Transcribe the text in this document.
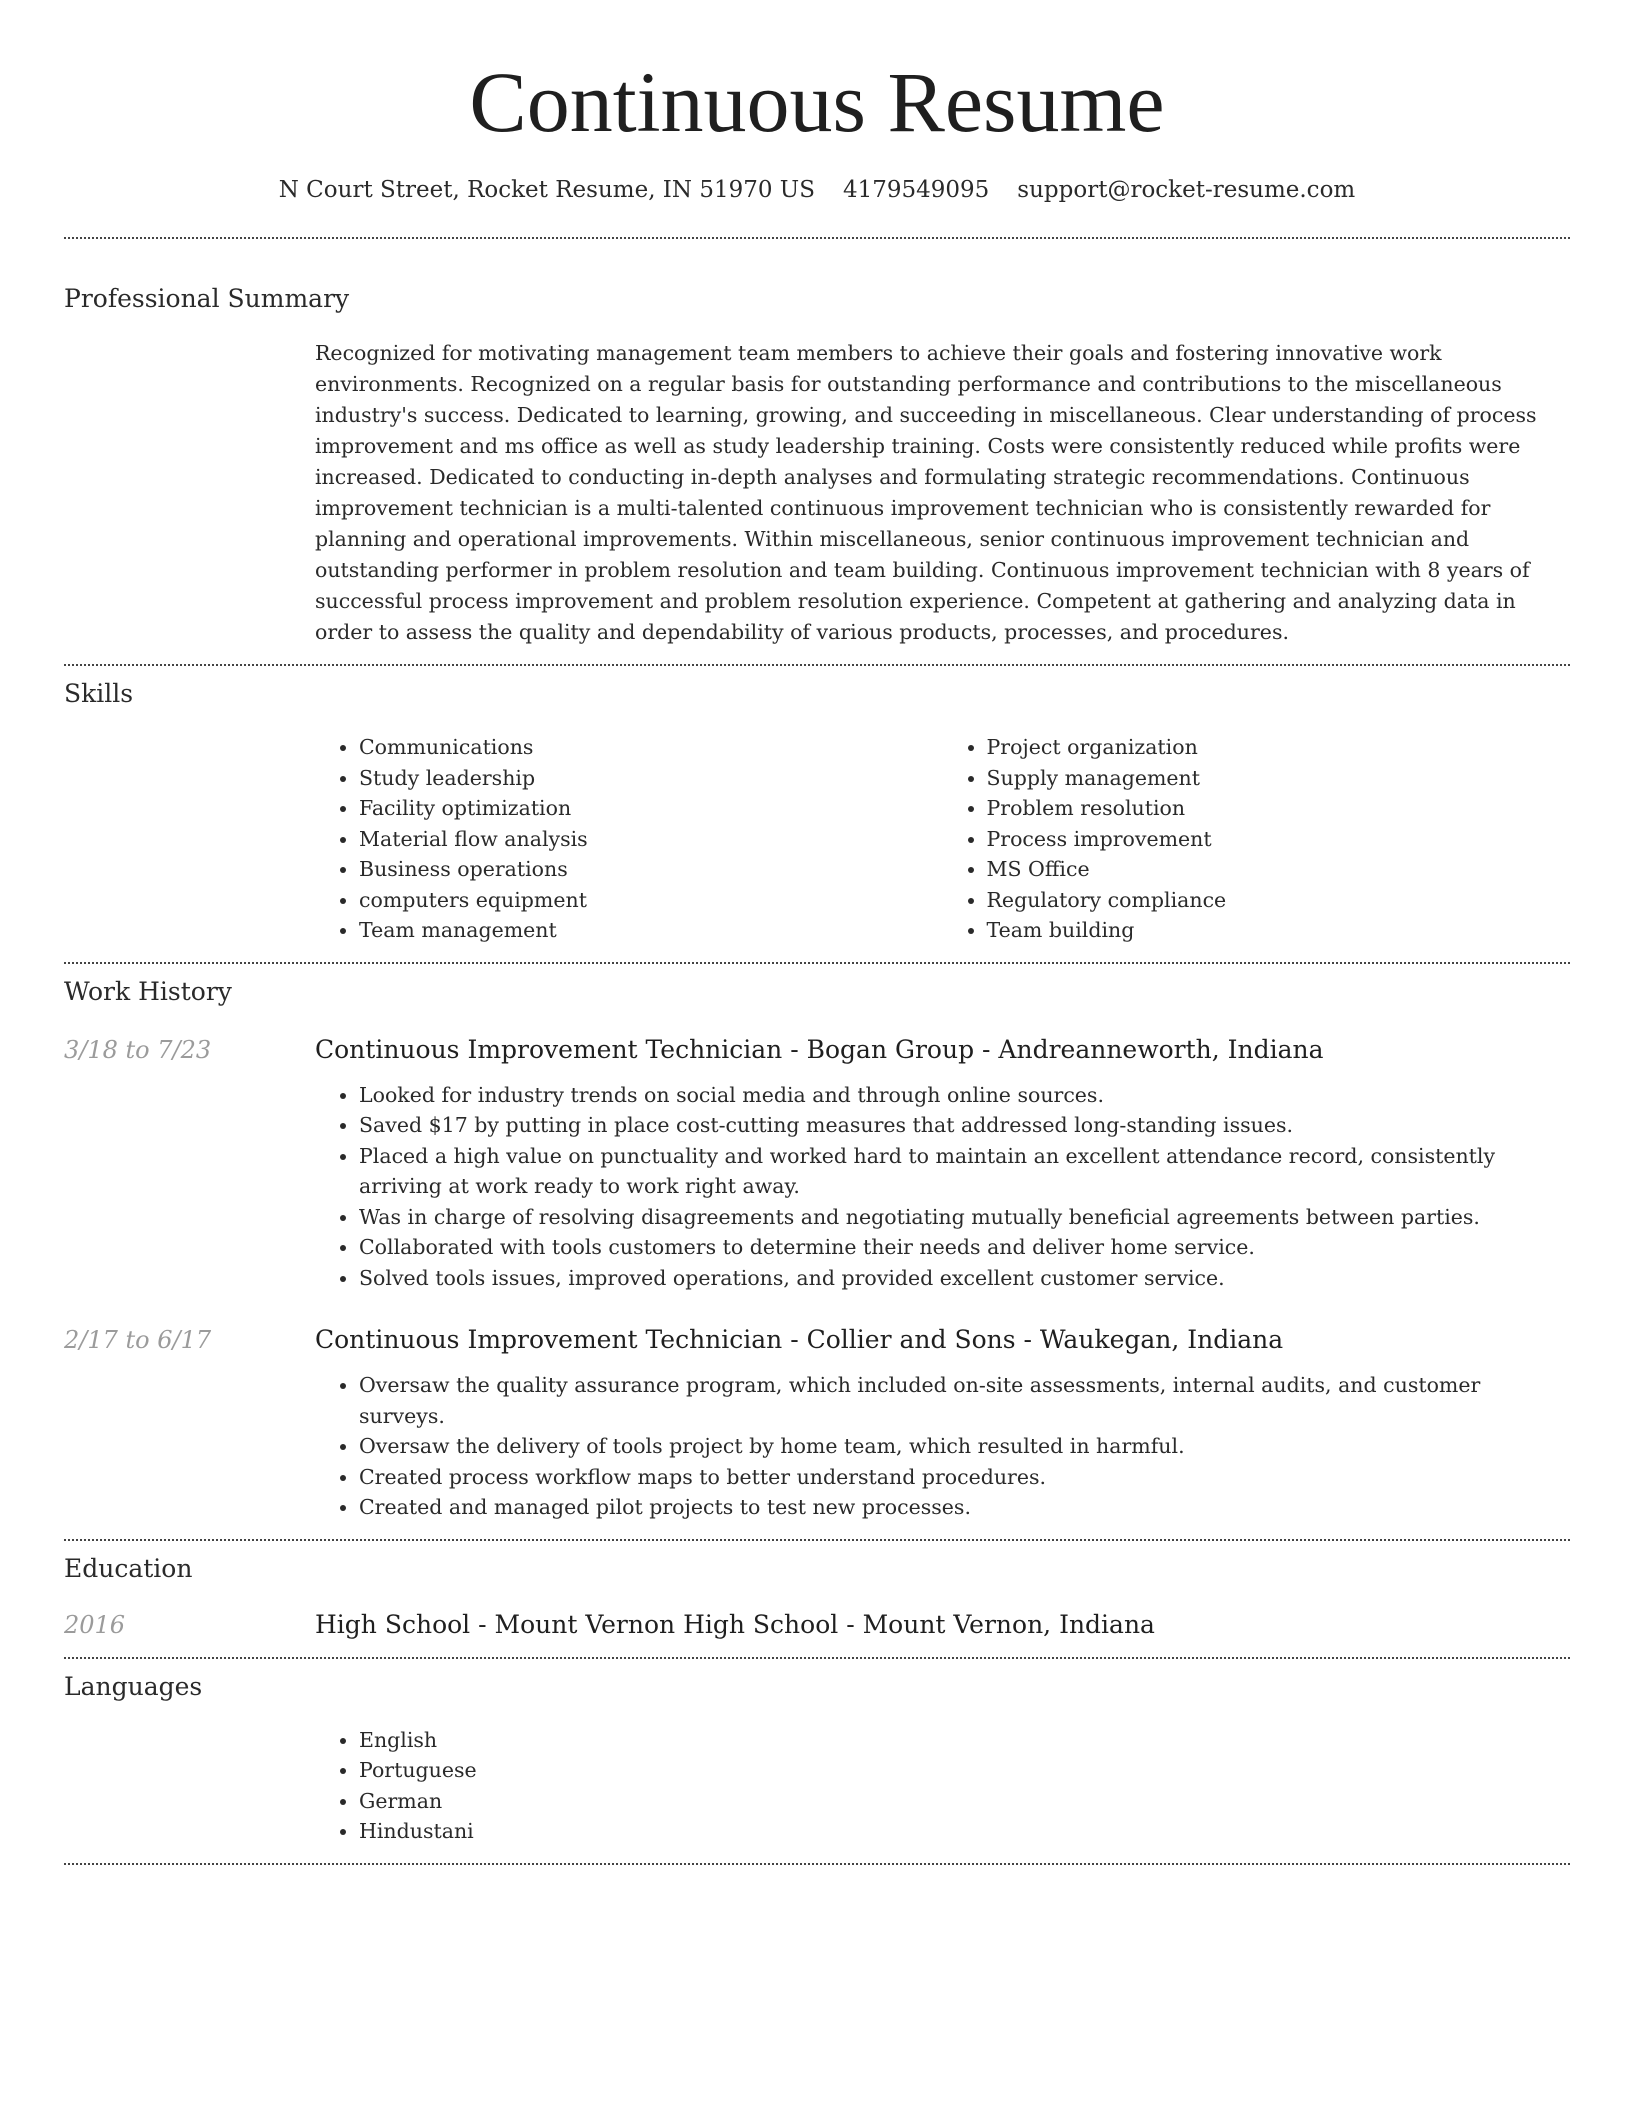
Continuous Resume
N Court Street, Rocket Resume, IN 51970 US 4179549095 support@rocket-resume.com
Professional Summary

Recognized for motivating management team members to achieve their goals and fostering innovative work environments. Recognized on a regular basis for outstanding performance and contributions to the miscellaneous industry's success. Dedicated to learning, growing, and succeeding in miscellaneous. Clear understanding of process improvement and ms office as well as study leadership training. Costs were consistently reduced while profits were increased. Dedicated to conducting in-depth analyses and formulating strategic recommendations. Continuous improvement technician is a multi-talented continuous improvement technician who is consistently rewarded for planning and operational improvements. Within miscellaneous, senior continuous improvement technician and outstanding performer in problem resolution and team building. Continuous improvement technician with 8 years of successful process improvement and problem resolution experience. Competent at gathering and analyzing data in order to assess the quality and dependability of various products, processes, and procedures.

Skills
• Communications
• Study leadership
• Facility optimization
• Material flow analysis
• Business operations
• computers equipment
• Team management
• Project organization
• Supply management
• Problem resolution
• Process improvement
• MS Office
• Regulatory compliance
• Team building
Work History
3/18 to 7/23	Continuous Improvement Technician - Bogan Group - Andreanneworth, Indiana
• Looked for industry trends on social media and through online sources.
• Saved $17 by putting in place cost-cutting measures that addressed long-standing issues.
• Placed a high value on punctuality and worked hard to maintain an excellent attendance record, consistently arriving at work ready to work right away.
• Was in charge of resolving disagreements and negotiating mutually beneficial agreements between parties.
• Collaborated with tools customers to determine their needs and deliver home service.
• Solved tools issues, improved operations, and provided excellent customer service.
2/17 to 6/17	Continuous Improvement Technician - Collier and Sons - Waukegan, Indiana
• Oversaw the quality assurance program, which included on-site assessments, internal audits, and customer surveys.
• Oversaw the delivery of tools project by home team, which resulted in harmful.
• Created process workflow maps to better understand procedures.
• Created and managed pilot projects to test new processes.
Education
2016	High School - Mount Vernon High School - Mount Vernon, Indiana
Languages
• English
• Portuguese
• German
• Hindustani
